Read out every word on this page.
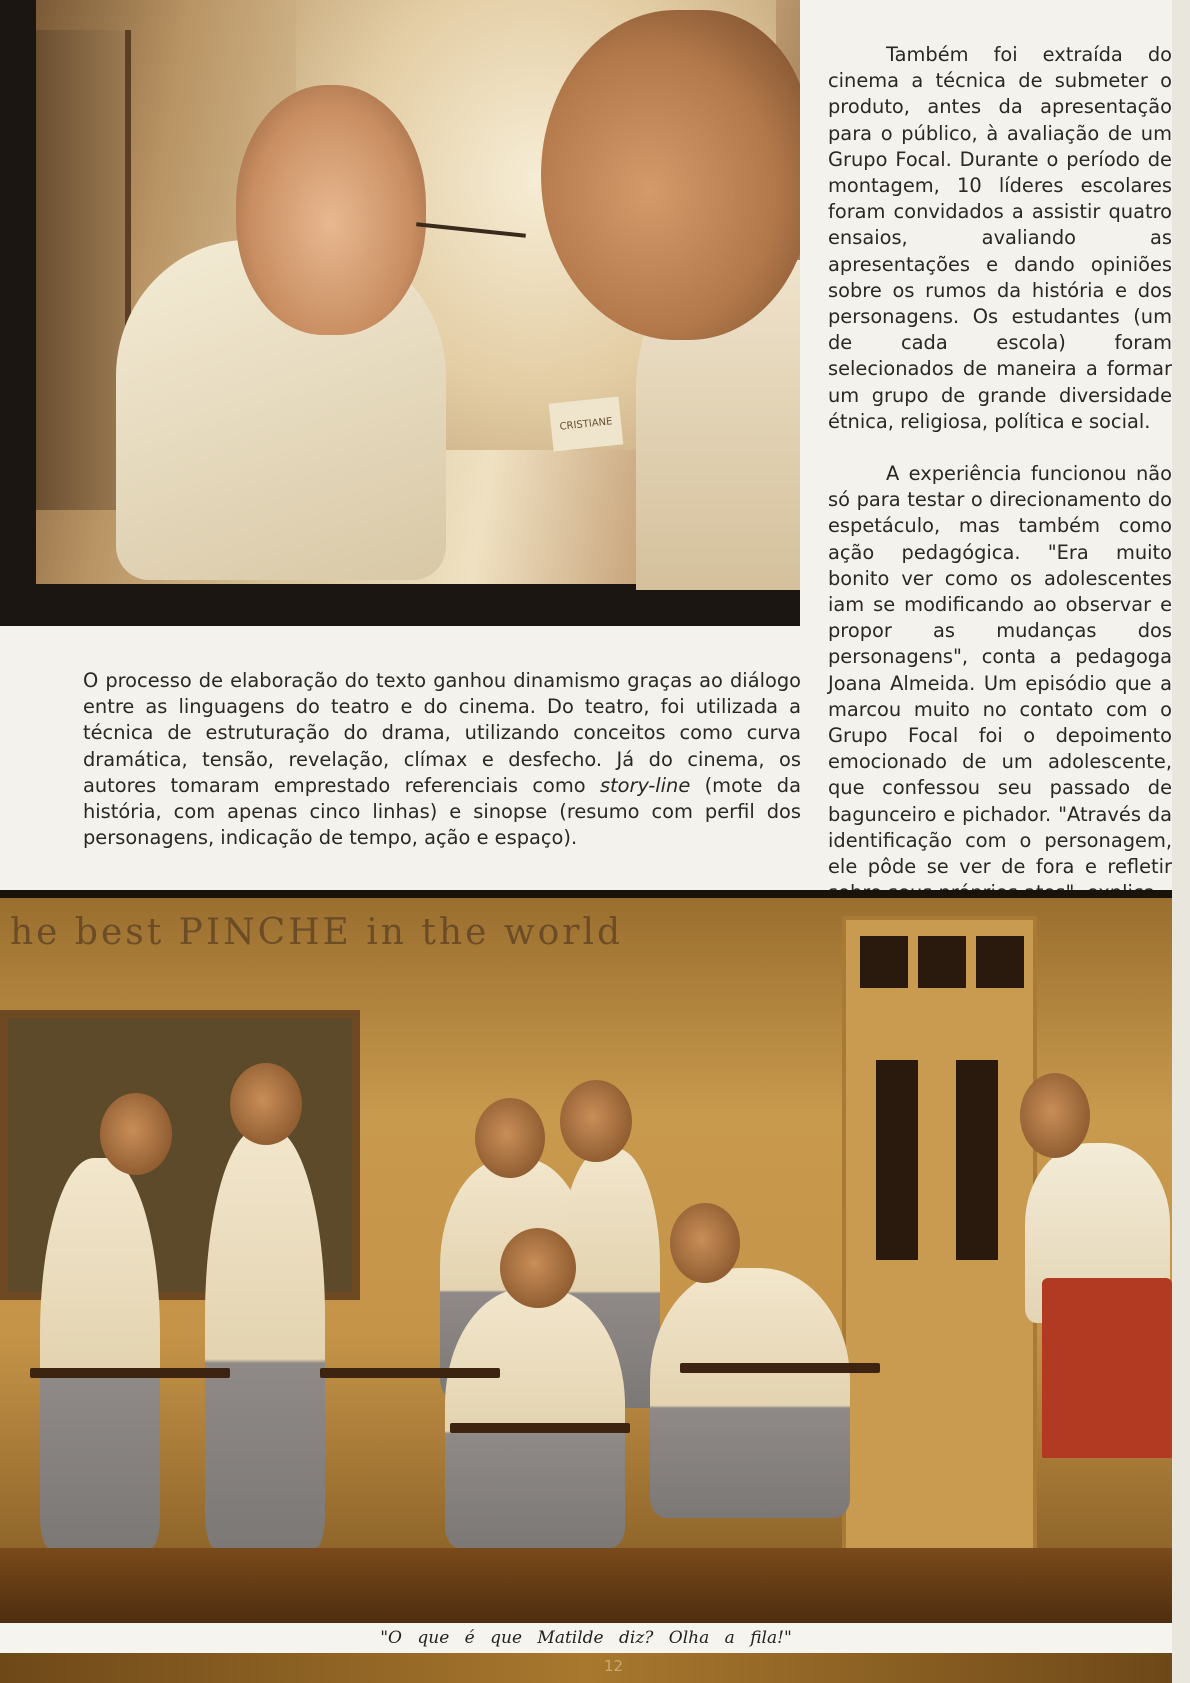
CRISTIANE

Também foi extraída do cinema a técnica de submeter o produto, antes da apresentação para o público, à avaliação de um Grupo Focal. Durante o período de montagem, 10 líderes escolares foram convidados a assistir quatro ensaios, avaliando as apresentações e dando opiniões sobre os rumos da história e dos personagens. Os estudantes (um de cada escola) foram selecionados de maneira a formar um grupo de grande diversidade étnica, religiosa, política e social.

A experiência funcionou não só para testar o direcionamento do espetáculo, mas também como ação pedagógica. "Era muito bonito ver como os adolescentes iam se modificando ao observar e propor as mudanças dos personagens", conta a pedagoga Joana Almeida. Um episódio que a marcou muito no contato com o Grupo Focal foi o depoimento emocionado de um adolescente, que confessou seu passado de bagunceiro e pichador. "Através da identificação com o personagem, ele pôde se ver de fora e refletir

O processo de elaboração do texto ganhou dinamismo graças ao diálogo entre as linguagens do teatro e do cinema. Do teatro, foi utilizada a técnica de estruturação do drama, utilizando conceitos como curva dramática, tensão, revelação, clímax e desfecho. Já do cinema, os autores tomaram emprestado referenciais como story-line (mote da história, com apenas cinco linhas) e sinopse (resumo com perfil dos personagens, indicação de tempo, ação e espaço).

he best PINCHE in the world
"O que é que Matilde diz? Olha a fila!"
12
